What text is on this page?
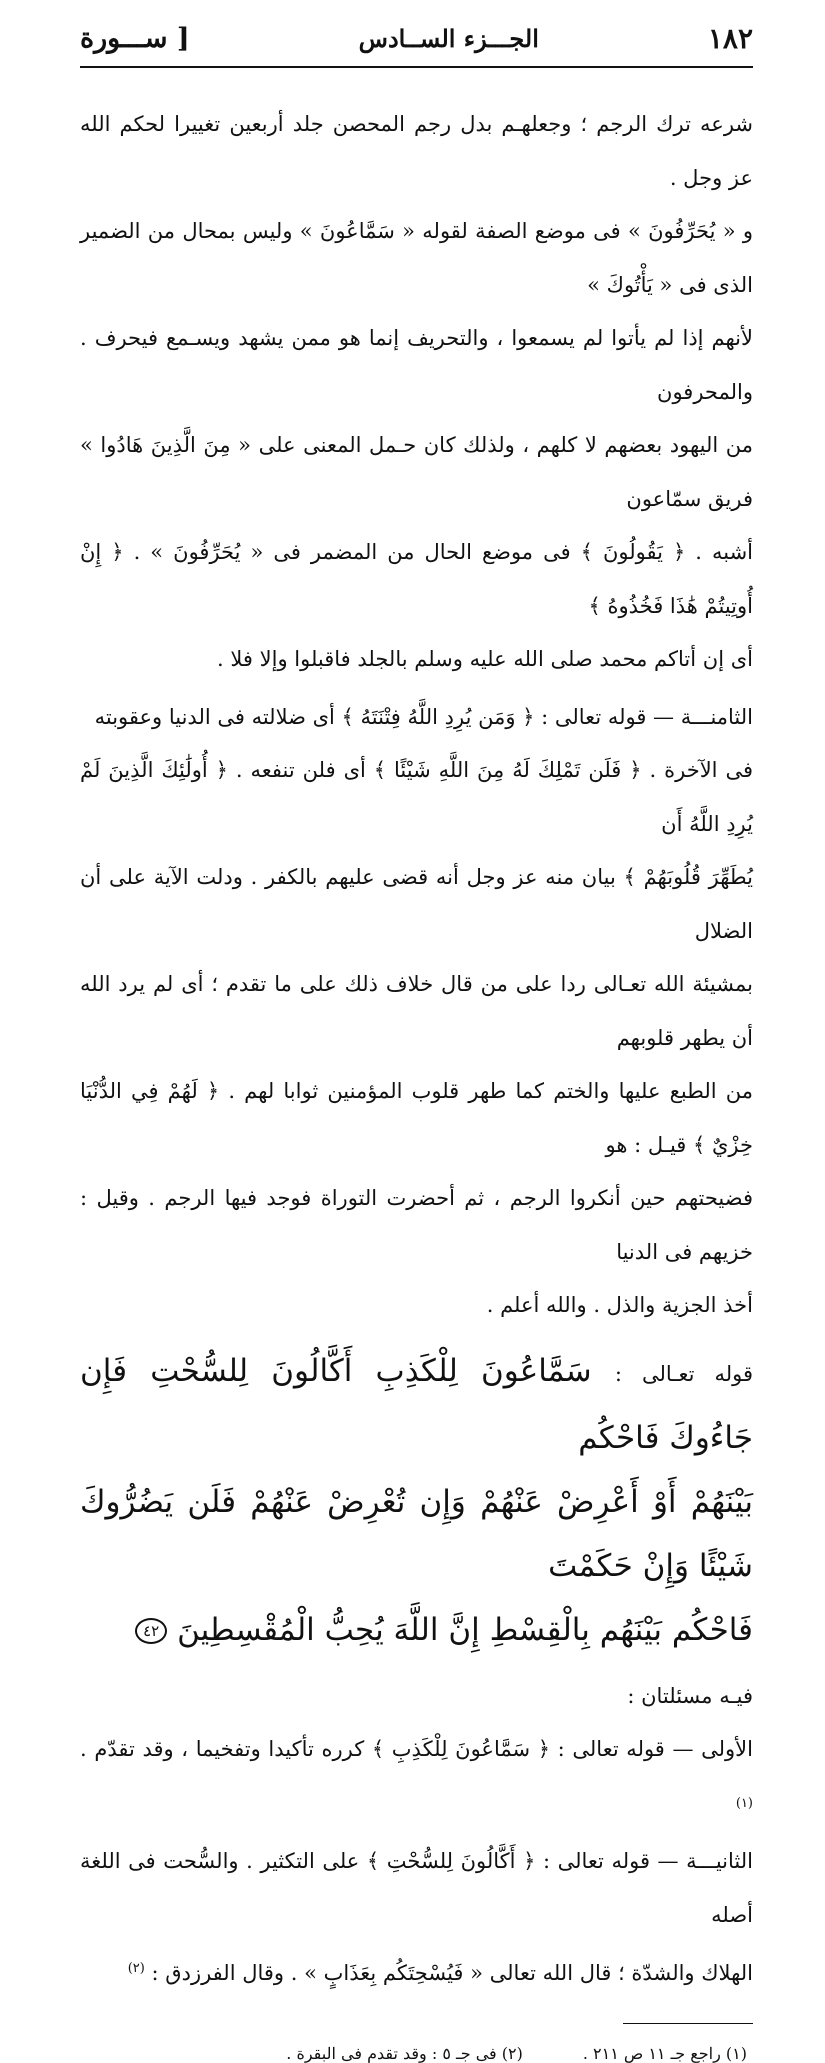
١٨٢
الجـــزء الســادس
[ ســـورة

شرعه ترك الرجم ؛ وجعلهـم بدل رجم المحصن جلد أربعين تغييرا لحكم الله عز وجل .

و « يُحَرِّفُونَ » فى موضع الصفة لقوله « سَمَّاعُونَ » وليس بمحال من الضمير الذى فى « يَأْتُوكَ »

لأنهم إذا لم يأتوا لم يسمعوا ، والتحريف إنما هو ممن يشهد ويسـمع فيحرف . والمحرفون

من اليهود بعضهم لا كلهم ، ولذلك كان حـمل المعنى على « مِنَ الَّذِينَ هَادُوا » فريق سمّاعون

أشبه . ﴿ يَقُولُونَ ﴾ فى موضع الحال من المضمر فى « يُحَرِّفُونَ » . ﴿ إِنْ أُوتِيتُمْ هَٰذَا فَخُذُوهُ ﴾

أى إن أتاكم محمد صلى الله عليه وسلم بالجلد فاقبلوا وإلا فلا .

الثامنـــة — قوله تعالى : ﴿ وَمَن يُرِدِ اللَّهُ فِتْنَتَهُ ﴾ أى ضلالته فى الدنيا وعقوبته

فى الآخرة . ﴿ فَلَن تَمْلِكَ لَهُ مِنَ اللَّهِ شَيْئًا ﴾ أى فلن تنفعه . ﴿ أُولَٰئِكَ الَّذِينَ لَمْ يُرِدِ اللَّهُ أَن

يُطَهِّرَ قُلُوبَهُمْ ﴾ بيان منه عز وجل أنه قضى عليهم بالكفر . ودلت الآية على أن الضلال

بمشيئة الله تعـالى ردا على من قال خلاف ذلك على ما تقدم ؛ أى لم يرد الله أن يطهر قلوبهم

من الطبع عليها والختم كما طهر قلوب المؤمنين ثوابا لهم . ﴿ لَهُمْ فِي الدُّنْيَا خِزْيٌ ﴾ قيـل : هو

فضيحتهم حين أنكروا الرجم ، ثم أحضرت التوراة فوجد فيها الرجم . وقيل : خزيهم فى الدنيا

أخذ الجزية والذل . والله أعلم .

قوله تعـالى : سَمَّاعُونَ لِلْكَذِبِ أَكَّالُونَ لِلسُّحْتِ فَإِن جَاءُوكَ فَاحْكُم
بَيْنَهُمْ أَوْ أَعْرِضْ عَنْهُمْ وَإِن تُعْرِضْ عَنْهُمْ فَلَن يَضُرُّوكَ شَيْئًا وَإِنْ حَكَمْتَ
فَاحْكُم بَيْنَهُم بِالْقِسْطِ إِنَّ اللَّهَ يُحِبُّ الْمُقْسِطِينَ ٤٢

فيـه مسئلتان :

الأولى — قوله تعالى : ﴿ سَمَّاعُونَ لِلْكَذِبِ ﴾ كرره تأكيدا وتفخيما ، وقد تقدّم . $^{(١)}$

الثانيـــة — قوله تعالى : ﴿ أَكَّالُونَ لِلسُّحْتِ ﴾ على التكثير . والسُّحت فى اللغة أصله

الهلاك والشدّة ؛ قال الله تعالى « فَيُسْحِتَكُم بِعَذَابٍ » . وقال الفرزدق : $^{(٢)}$

(١) راجع جـ ١١ ص ٢١١ .
(٢) فى جـ ٥ : وقد تقدم فى البقرة .
